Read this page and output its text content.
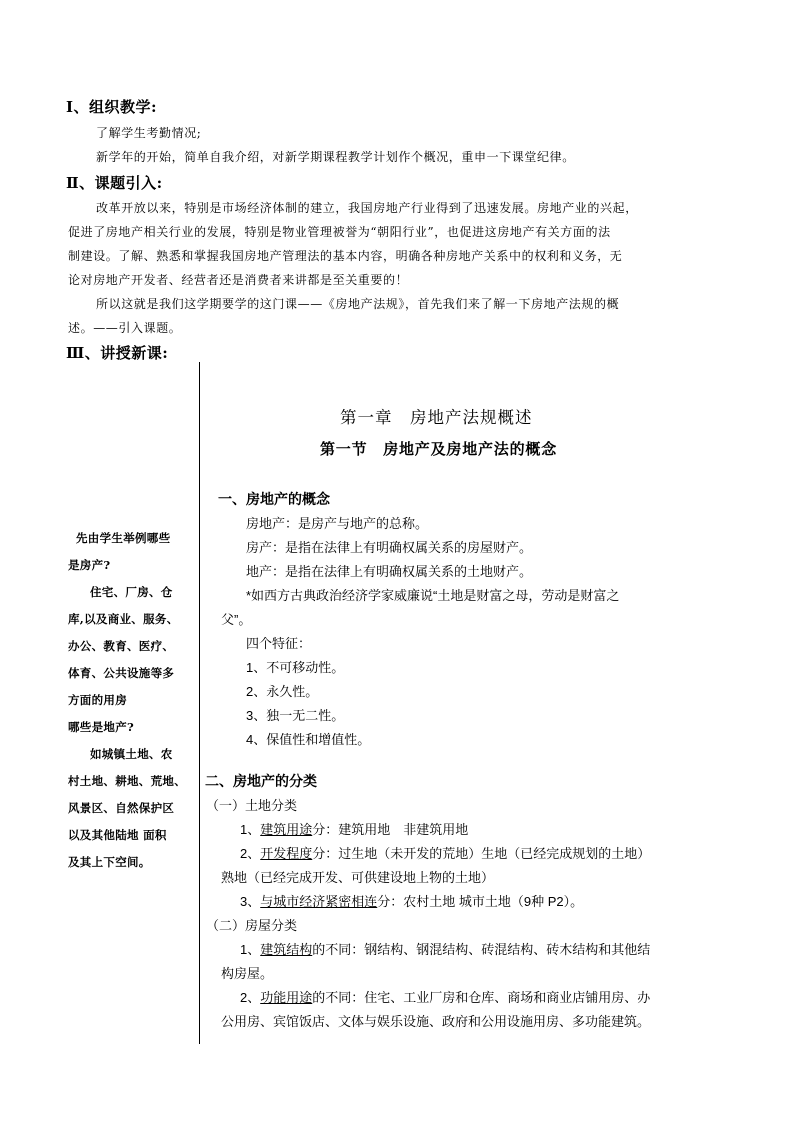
Ⅰ、组织教学:
了解学生考勤情况;
新学年的开始，简单自我介绍，对新学期课程教学计划作个概况，重申一下课堂纪律。
Ⅱ、课题引入:
改革开放以来，特别是市场经济体制的建立，我国房地产行业得到了迅速发展。房地产业的兴起，
促进了房地产相关行业的发展，特别是物业管理被誉为“朝阳行业”，也促进这房地产有关方面的法
制建设。了解、熟悉和掌握我国房地产管理法的基本内容，明确各种房地产关系中的权利和义务，无
论对房地产开发者、经营者还是消费者来讲都是至关重要的！
所以这就是我们这学期要学的这门课——《房地产法规》，首先我们来了解一下房地产法规的概
述。——引入课题。
Ⅲ、讲授新课:
先由学生举例哪些
是房产?
住宅、厂房、仓
库,以及商业、服务、
办公、教育、医疗、
体育、公共设施等多
方面的用房
哪些是地产?
如城镇土地、农
村土地、耕地、荒地、
风景区、自然保护区
以及其他陆地 面积
及其上下空间。
第一章　房地产法规概述
第一节　房地产及房地产法的概念
一、房地产的概念
房地产：是房产与地产的总称。
房产：是指在法律上有明确权属关系的房屋财产。
地产：是指在法律上有明确权属关系的土地财产。
*如西方古典政治经济学家威廉说“土地是财富之母，劳动是财富之
父”。
四个特征：
1、不可移动性。
2、永久性。
3、独一无二性。
4、保值性和增值性。
二、房地产的分类
（一）土地分类
1、建筑用途分：建筑用地　非建筑用地
2、开发程度分：过生地（未开发的荒地）生地（已经完成规划的土地）
熟地（已经完成开发、可供建设地上物的土地）
3、与城市经济紧密相连分：农村土地 城市土地（9种 P2）。
（二）房屋分类
1、建筑结构的不同：钢结构、钢混结构、砖混结构、砖木结构和其他结
构房屋。
2、功能用途的不同：住宅、工业厂房和仓库、商场和商业店铺用房、办
公用房、宾馆饭店、文体与娱乐设施、政府和公用设施用房、多功能建筑。
